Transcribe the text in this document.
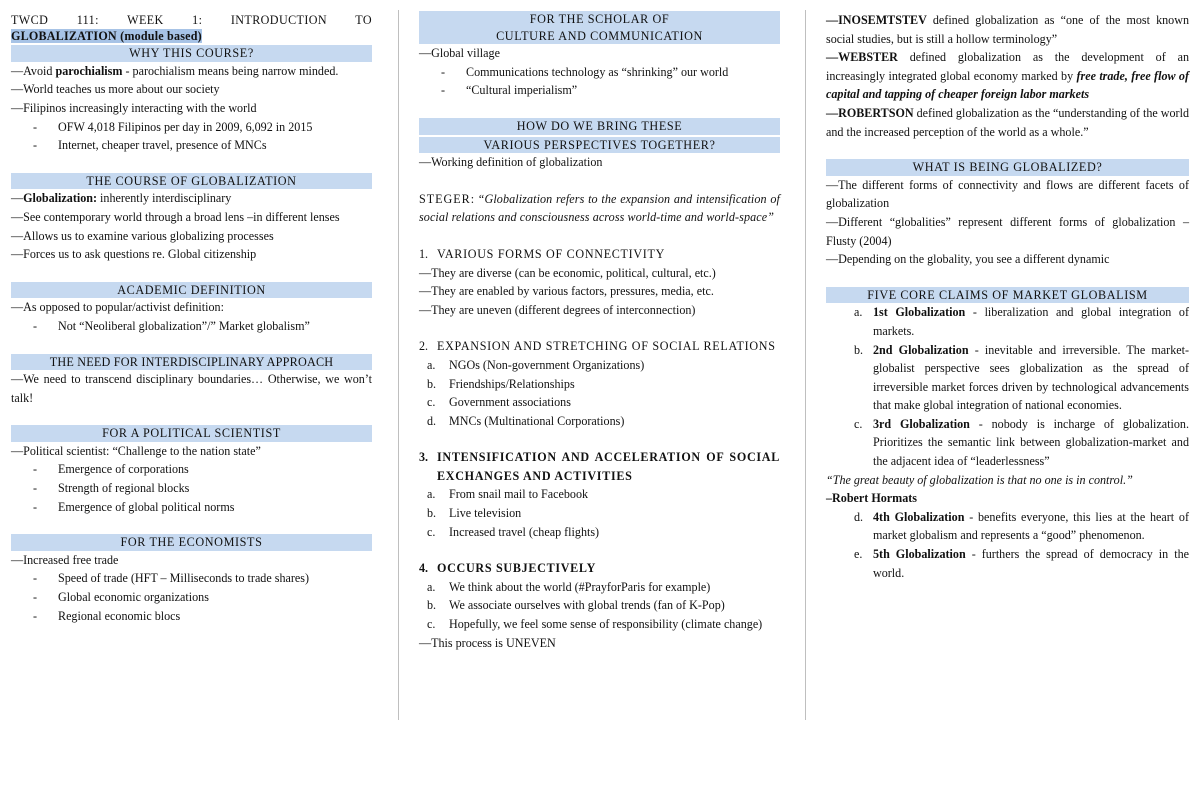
TWCD 111: WEEK 1: INTRODUCTION TO
GLOBALIZATION (module based)
WHY THIS COURSE?
—Avoid parochialism - parochialism means being narrow minded.
—World teaches us more about our society
—Filipinos increasingly interacting with the world
- OFW 4,018 Filipinos per day in 2009, 6,092 in 2015
- Internet, cheaper travel, presence of MNCs
THE COURSE OF GLOBALIZATION
—Globalization: inherently interdisciplinary
—See contemporary world through a broad lens –in different lenses
—Allows us to examine various globalizing processes
—Forces us to ask questions re. Global citizenship
ACADEMIC DEFINITION
—As opposed to popular/activist definition:
- Not “Neoliberal globalization”/” Market globalism”
THE NEED FOR INTERDISCIPLINARY APPROACH
—We need to transcend disciplinary boundaries… Otherwise, we won’t talk!
FOR A POLITICAL SCIENTIST
—Political scientist: “Challenge to the nation state”
- Emergence of corporations
- Strength of regional blocks
- Emergence of global political norms
FOR THE ECONOMISTS
—Increased free trade
- Speed of trade (HFT – Milliseconds to trade shares)
- Global economic organizations
- Regional economic blocs
FOR THE SCHOLAR OF
CULTURE AND COMMUNICATION
—Global village
- Communications technology as “shrinking” our world
- “Cultural imperialism”
HOW DO WE BRING THESE
VARIOUS PERSPECTIVES TOGETHER?
—Working definition of globalization
STEGER: “Globalization refers to the expansion and intensification of social relations and consciousness across world-time and world-space”
1. VARIOUS FORMS OF CONNECTIVITY
—They are diverse (can be economic, political, cultural, etc.)
—They are enabled by various factors, pressures, media, etc.
—They are uneven (different degrees of interconnection)
2. EXPANSION AND STRETCHING OF SOCIAL RELATIONS
a. NGOs (Non-government Organizations)
b. Friendships/Relationships
c. Government associations
d. MNCs (Multinational Corporations)
3. INTENSIFICATION AND ACCELERATION OF SOCIAL EXCHANGES AND ACTIVITIES
a. From snail mail to Facebook
b. Live television
c. Increased travel (cheap flights)
4. OCCURS SUBJECTIVELY
a. We think about the world (#PrayforParis for example)
b. We associate ourselves with global trends (fan of K-Pop)
c. Hopefully, we feel some sense of responsibility (climate change)
—This process is UNEVEN
—INOSEMTSTEV defined globalization as “one of the most known social studies, but is still a hollow terminology”
—WEBSTER defined globalization as the development of an increasingly integrated global economy marked by free trade, free flow of capital and tapping of cheaper foreign labor markets
—ROBERTSON defined globalization as the “understanding of the world and the increased perception of the world as a whole.”
WHAT IS BEING GLOBALIZED?
—The different forms of connectivity and flows are different facets of globalization
—Different “globalities” represent different forms of globalization – Flusty (2004)
—Depending on the globality, you see a different dynamic
FIVE CORE CLAIMS OF MARKET GLOBALISM
a. 1st Globalization - liberalization and global integration of markets.
b. 2nd Globalization - inevitable and irreversible. The market-globalist perspective sees globalization as the spread of irreversible market forces driven by technological advancements that make global integration of national economies.
c. 3rd Globalization - nobody is incharge of globalization. Prioritizes the semantic link between globalization-market and the adjacent idea of “leaderlessness”
“The great beauty of globalization is that no one is in control.”
–Robert Hormats
d. 4th Globalization - benefits everyone, this lies at the heart of market globalism and represents a “good” phenomenon.
e. 5th Globalization - furthers the spread of democracy in the world.
